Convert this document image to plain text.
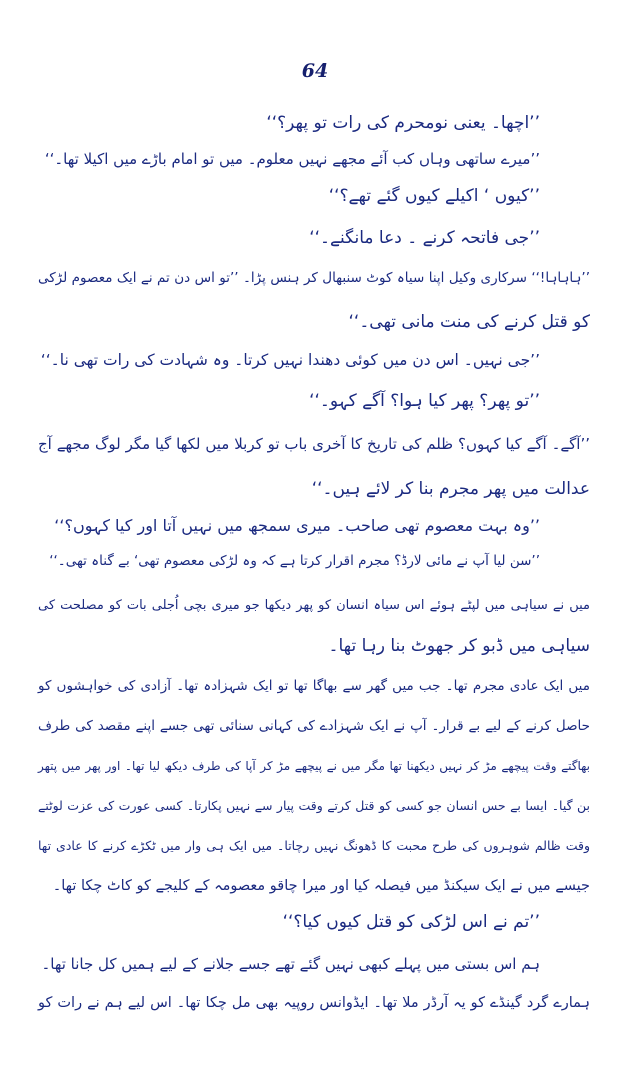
64
’’اچھا۔ یعنی نومحرم کی رات تو پھر؟‘‘
’’میرے ساتھی وہاں کب آئے مجھے نہیں معلوم۔ میں تو امام باڑے میں اکیلا تھا۔‘‘
’’کیوں ‘ اکیلے کیوں گئے تھے؟‘‘
’’جی فاتحہ کرنے ۔ دعا مانگنے۔‘‘
’’ہاہاہا!‘‘ سرکاری وکیل اپنا سیاہ کوٹ سنبھال کر ہنس پڑا۔ ’’تو اس دن تم نے ایک معصوم لڑکی
کو قتل کرنے کی منت مانی تھی۔‘‘
’’جی نہیں۔ اس دن میں کوئی دھندا نہیں کرتا۔ وہ شہادت کی رات تھی نا۔‘‘
’’تو پھر؟ پھر کیا ہوا؟ آگے کہو۔‘‘
’’آگے۔ آگے کیا کہوں؟ ظلم کی تاریخ کا آخری باب تو کربلا میں لکھا گیا مگر لوگ مجھے آج
عدالت میں پھر مجرم بنا کر لائے ہیں۔‘‘
’’وہ بہت معصوم تھی صاحب۔ میری سمجھ میں نہیں آتا اور کیا کہوں؟‘‘
’’سن لیا آپ نے مائی لارڈ؟ مجرم اقرار کرتا ہے کہ وہ لڑکی معصوم تھی‘ بے گناہ تھی۔‘‘
میں نے سیاہی میں لپٹے ہوئے اس سیاہ انسان کو پھر دیکھا جو میری بچی اُجلی بات کو مصلحت کی
سیاہی میں ڈبو کر جھوٹ بنا رہا تھا۔
میں ایک عادی مجرم تھا۔ جب میں گھر سے بھاگا تھا تو ایک شہزادہ تھا۔ آزادی کی خواہشوں کو
حاصل کرنے کے لیے بے قرار۔ آپ نے ایک شہزادے کی کہانی سنائی تھی جسے اپنے مقصد کی طرف
بھاگتے وقت پیچھے مڑ کر نہیں دیکھنا تھا مگر میں نے پیچھے مڑ کر آپا کی طرف دیکھ لیا تھا۔ اور پھر میں پتھر
بن گیا۔ ایسا بے حس انسان جو کسی کو قتل کرتے وقت پیار سے نہیں پکارتا۔ کسی عورت کی عزت لوٹتے
وقت ظالم شوہروں کی طرح محبت کا ڈھونگ نہیں رچاتا۔ میں ایک ہی وار میں ٹکڑے کرنے کا عادی تھا
جیسے میں نے ایک سیکنڈ میں فیصلہ کیا اور میرا چاقو معصومہ کے کلیجے کو کاٹ چکا تھا۔
’’تم نے اس لڑکی کو قتل کیوں کیا؟‘‘
ہم اس بستی میں پہلے کبھی نہیں گئے تھے جسے جلانے کے لیے ہمیں کل جانا تھا۔
ہمارے گرد گینڈے کو یہ آرڈر ملا تھا۔ ایڈوانس روپیہ بھی مل چکا تھا۔ اس لیے ہم نے رات کو
